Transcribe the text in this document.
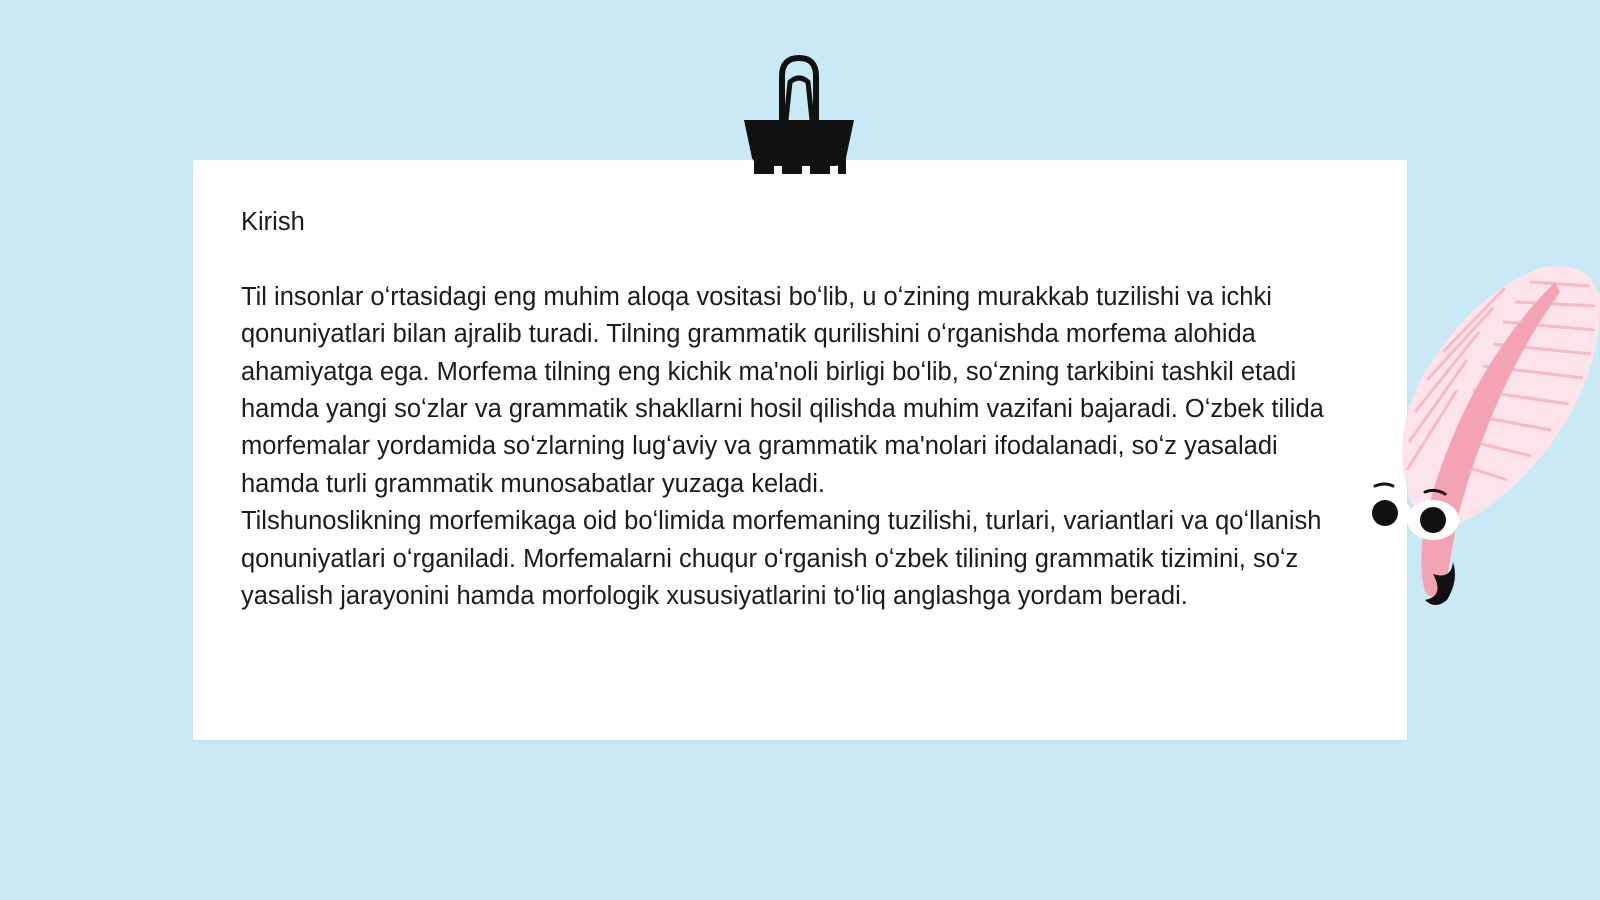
Kirish

Til insonlar oʻrtasidagi eng muhim aloqa vositasi boʻlib, u oʻzining murakkab tuzilishi va ichki qonuniyatlari bilan ajralib turadi. Tilning grammatik qurilishini oʻrganishda morfema alohida ahamiyatga ega. Morfema tilning eng kichik ma'noli birligi boʻlib, soʻzning tarkibini tashkil etadi hamda yangi soʻzlar va grammatik shakllarni hosil qilishda muhim vazifani bajaradi. Oʻzbek tilida morfemalar yordamida soʻzlarning lugʻaviy va grammatik ma'nolari ifodalanadi, soʻz yasaladi hamda turli grammatik munosabatlar yuzaga keladi.

Tilshunoslikning morfemikaga oid boʻlimida morfemaning tuzilishi, turlari, variantlari va qoʻllanish qonuniyatlari oʻrganiladi. Morfemalarni chuqur oʻrganish oʻzbek tilining grammatik tizimini, soʻz yasalish jarayonini hamda morfologik xususiyatlarini toʻliq anglashga yordam beradi.
